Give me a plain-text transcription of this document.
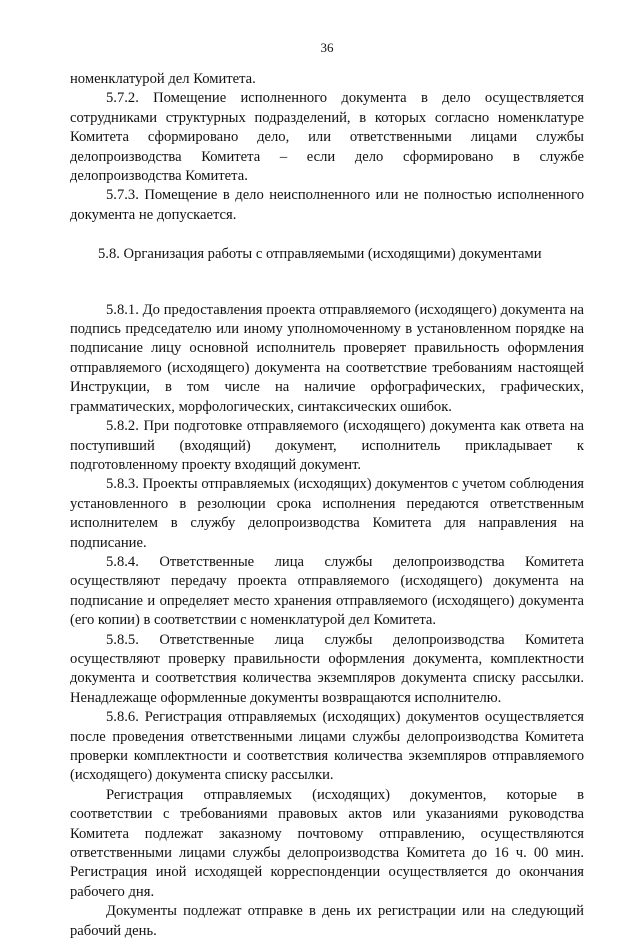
36

номенклатурой дел Комитета.

5.7.2. Помещение исполненного документа в дело осуществляется сотрудниками структурных подразделений, в которых согласно номенклатуре Комитета сформировано дело, или ответственными лицами службы делопроизводства Комитета – если дело сформировано в службе делопроизводства Комитета.

5.7.3. Помещение в дело неисполненного или не полностью исполненного документа не допускается.

5.8. Организация работы с отправляемыми (исходящими) документами

5.8.1. До предоставления проекта отправляемого (исходящего) документа на подпись председателю или иному уполномоченному в установленном порядке на подписание лицу основной исполнитель проверяет правильность оформления отправляемого (исходящего) документа на соответствие требованиям настоящей Инструкции, в том числе на наличие орфографических, графических, грамматических, морфологических, синтаксических ошибок.

5.8.2. При подготовке отправляемого (исходящего) документа как ответа на поступивший (входящий) документ, исполнитель прикладывает к подготовленному проекту входящий документ.

5.8.3. Проекты отправляемых (исходящих) документов с учетом соблюдения установленного в резолюции срока исполнения передаются ответственным исполнителем в службу делопроизводства Комитета для направления на подписание.

5.8.4. Ответственные лица службы делопроизводства Комитета осуществляют передачу проекта отправляемого (исходящего) документа на подписание и определяет место хранения отправляемого (исходящего) документа (его копии) в соответствии с номенклатурой дел Комитета.

5.8.5. Ответственные лица службы делопроизводства Комитета осуществляют проверку правильности оформления документа, комплектности документа и соответствия количества экземпляров документа списку рассылки. Ненадлежаще оформленные документы возвращаются исполнителю.

5.8.6. Регистрация отправляемых (исходящих) документов осуществляется после проведения ответственными лицами службы делопроизводства Комитета проверки комплектности и соответствия количества экземпляров отправляемого (исходящего) документа списку рассылки.

Регистрация отправляемых (исходящих) документов, которые в соответствии с требованиями правовых актов или указаниями руководства Комитета подлежат заказному почтовому отправлению, осуществляются ответственными лицами службы делопроизводства Комитета до 16 ч. 00 мин. Регистрация иной исходящей корреспонденции осуществляется до окончания рабочего дня.

Документы подлежат отправке в день их регистрации или на следующий рабочий день.
